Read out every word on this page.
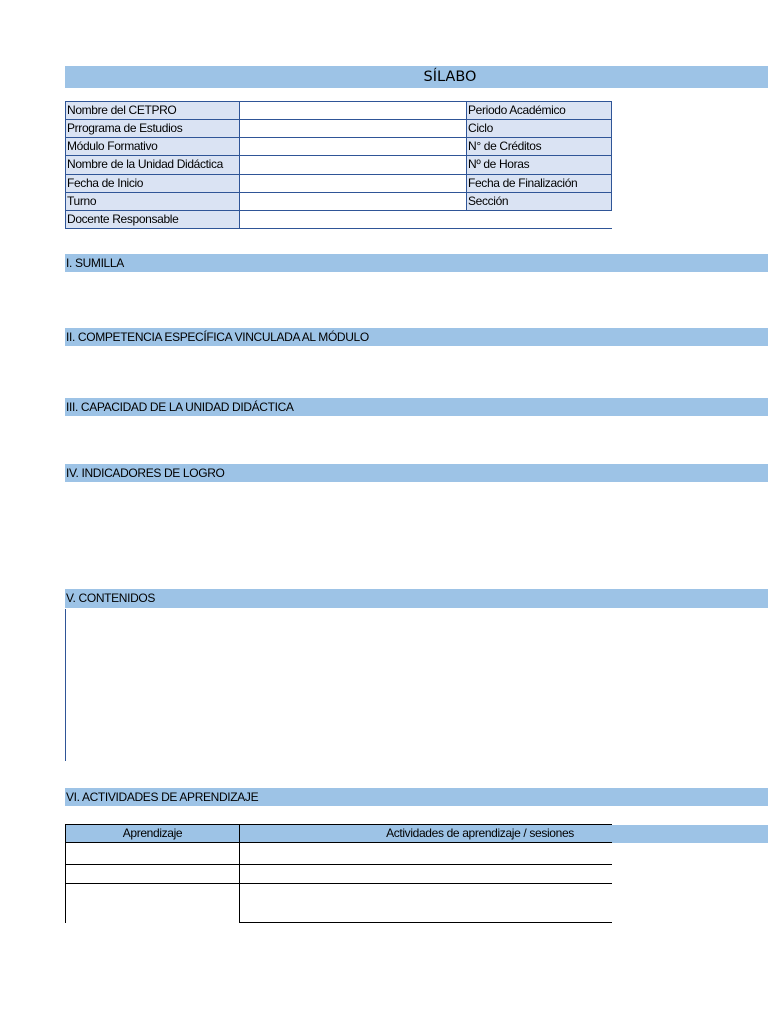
SÍLABO
Nombre del CETPRO	Periodo Académico
Prrograma de Estudios	Ciclo
Módulo Formativo	N° de Créditos
Nombre de la Unidad Didáctica	Nº de Horas
Fecha de Inicio	Fecha de Finalización
Turno	Sección
Docente Responsable
I. SUMILLA
II. COMPETENCIA ESPECÍFICA VINCULADA AL MÓDULO
III. CAPACIDAD DE LA UNIDAD DIDÁCTICA
IV. INDICADORES DE LOGRO
V. CONTENIDOS
VI. ACTIVIDADES DE APRENDIZAJE
Aprendizaje	Actividades de aprendizaje / sesiones
